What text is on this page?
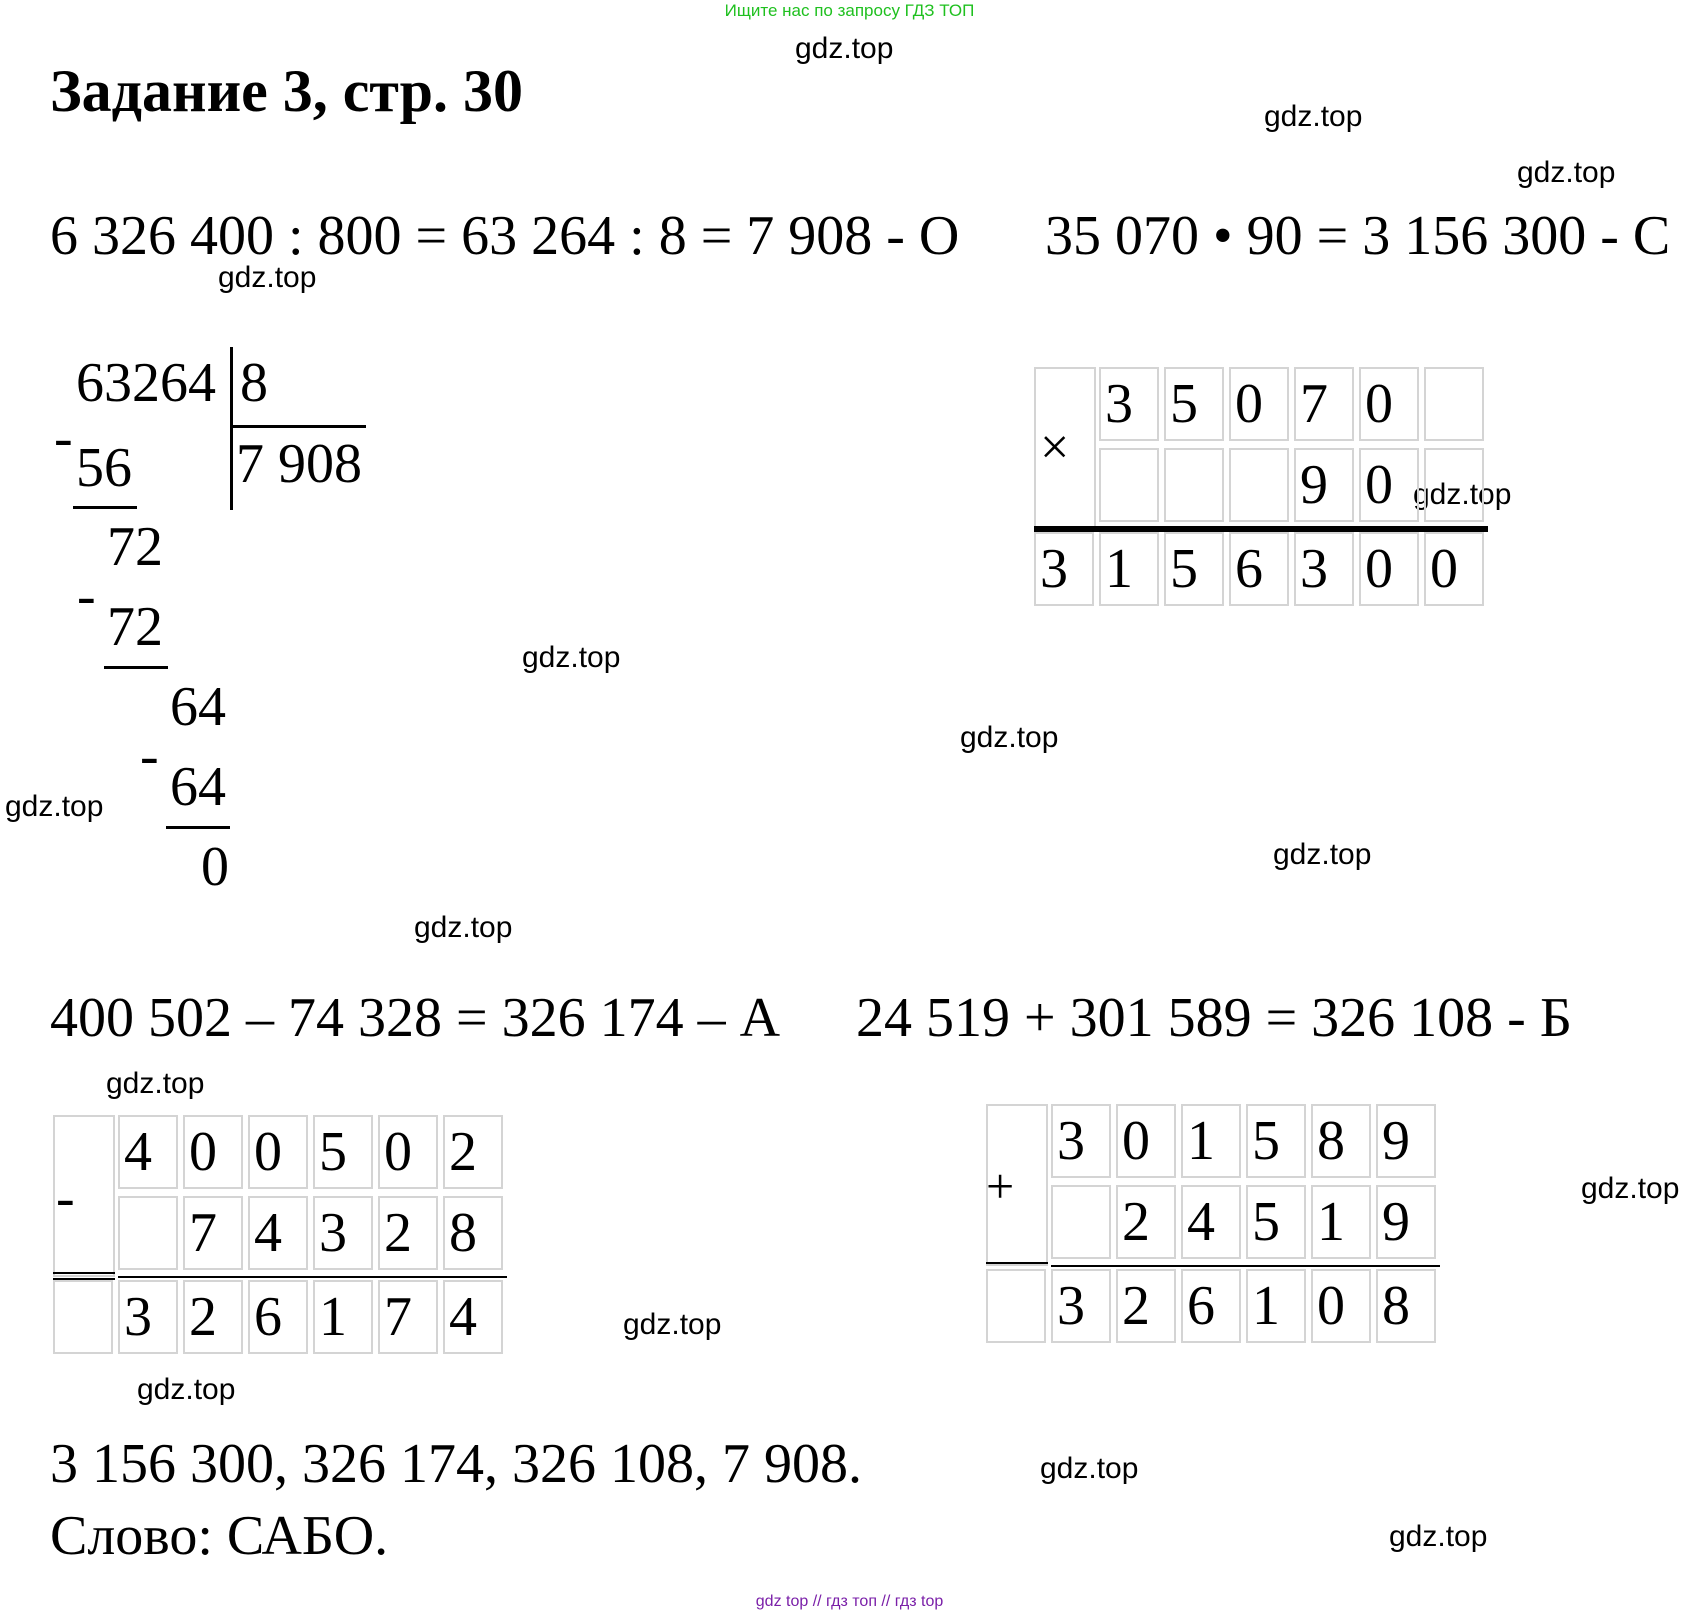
Ищите нас по запросу ГДЗ ТОП
Задание 3, стр. 30
gdz.top
gdz.top
gdz.top
gdz.top
gdz.top
gdz.top
gdz.top
gdz.top
gdz.top
gdz.top
gdz.top
gdz.top
gdz.top
gdz.top
gdz.top
gdz.top
6 326 400 : 800 = 63 264 : 8 = 7 908 - О 35 070 • 90 = 3 156 300 - С
63264 8
7 908
- 56
72
- 72
64
- 64
0
×
3 5 0 7 0
9 0
3 1 5 6 3 0 0
400 502 – 74 328 = 326 174 – А 24 519 + 301 589 = 326 108 - Б
-
4 0 0 5 0 2
7 4 3 2 8
3 2 6 1 7 4
+
3 0 1 5 8 9
2 4 5 1 9
3 2 6 1 0 8
3 156 300, 326 174, 326 108, 7 908.
Слово: САБО.
gdz top // гдз топ // гдз top
